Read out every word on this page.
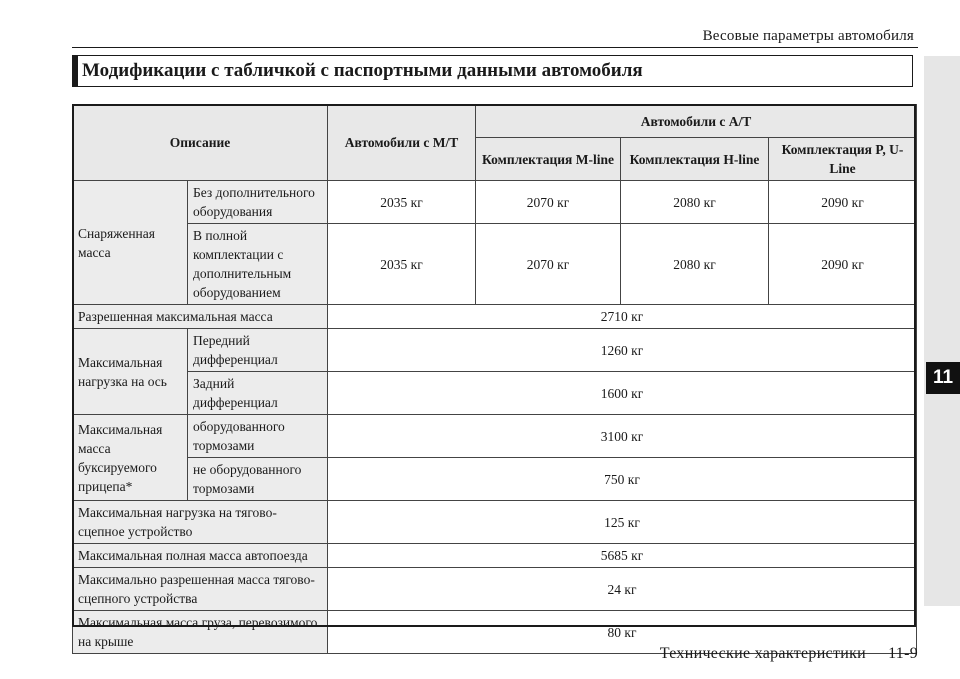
Весовые параметры автомобиля
Модификации с табличкой с паспортными данными автомобиля
11
Описание		Автомобили с M/T	Автомобили с A/T		
			Комплектация M-line	Комплектация H-line	Комплектация P, U-Line
Снаряженная масса	Без дополнительного оборудования	2035 кг	2070 кг	2080 кг	2090 кг
	В полной комплектации с дополнительным оборудованием	2035 кг	2070 кг	2080 кг	2090 кг
Разрешенная максимальная масса		2710 кг			
Максимальная нагрузка на ось	Передний дифференциал	1260 кг			
	Задний дифференциал	1600 кг			
Максимальная масса буксируемого прицепа*	оборудованного тормозами	3100 кг			
	не оборудованного тормозами	750 кг			
Максимальная нагрузка на тягово-сцепное устройство		125 кг			
Максимальная полная масса автопоезда		5685 кг			
Максимально разрешенная масса тягово-сцепного устройства		24 кг			
Максимальная масса груза, перевозимого на крыше		80 кг			
Технические характеристики 11-9
